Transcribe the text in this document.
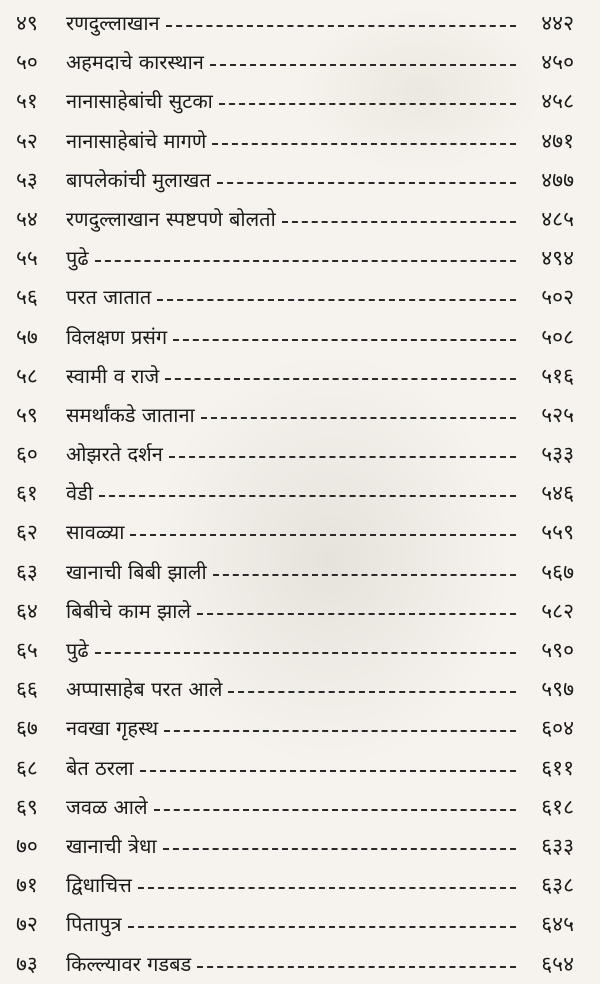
४९	रणदुल्लाखान	४४२
५०	अहमदाचे कारस्थान	४५०
५१	नानासाहेबांची सुटका	४५८
५२	नानासाहेबांचे मागणे	४७१
५३	बापलेकांची मुलाखत	४७७
५४	रणदुल्लाखान स्पष्टपणे बोलतो	४८५
५५	पुढे	४९४
५६	परत जातात	५०२
५७	विलक्षण प्रसंग	५०८
५८	स्वामी व राजे	५१६
५९	समर्थांकडे जाताना	५२५
६०	ओझरते दर्शन	५३३
६१	वेडी	५४६
६२	सावळ्या	५५९
६३	खानाची बिबी झाली	५६७
६४	बिबीचे काम झाले	५८२
६५	पुढे	५९०
६६	अप्पासाहेब परत आले	५९७
६७	नवखा गृहस्थ	६०४
६८	बेत ठरला	६११
६९	जवळ आले	६१८
७०	खानाची त्रेधा	६३३
७१	द्विधाचित्त	६३८
७२	पितापुत्र	६४५
७३	किल्ल्यावर गडबड	६५४
